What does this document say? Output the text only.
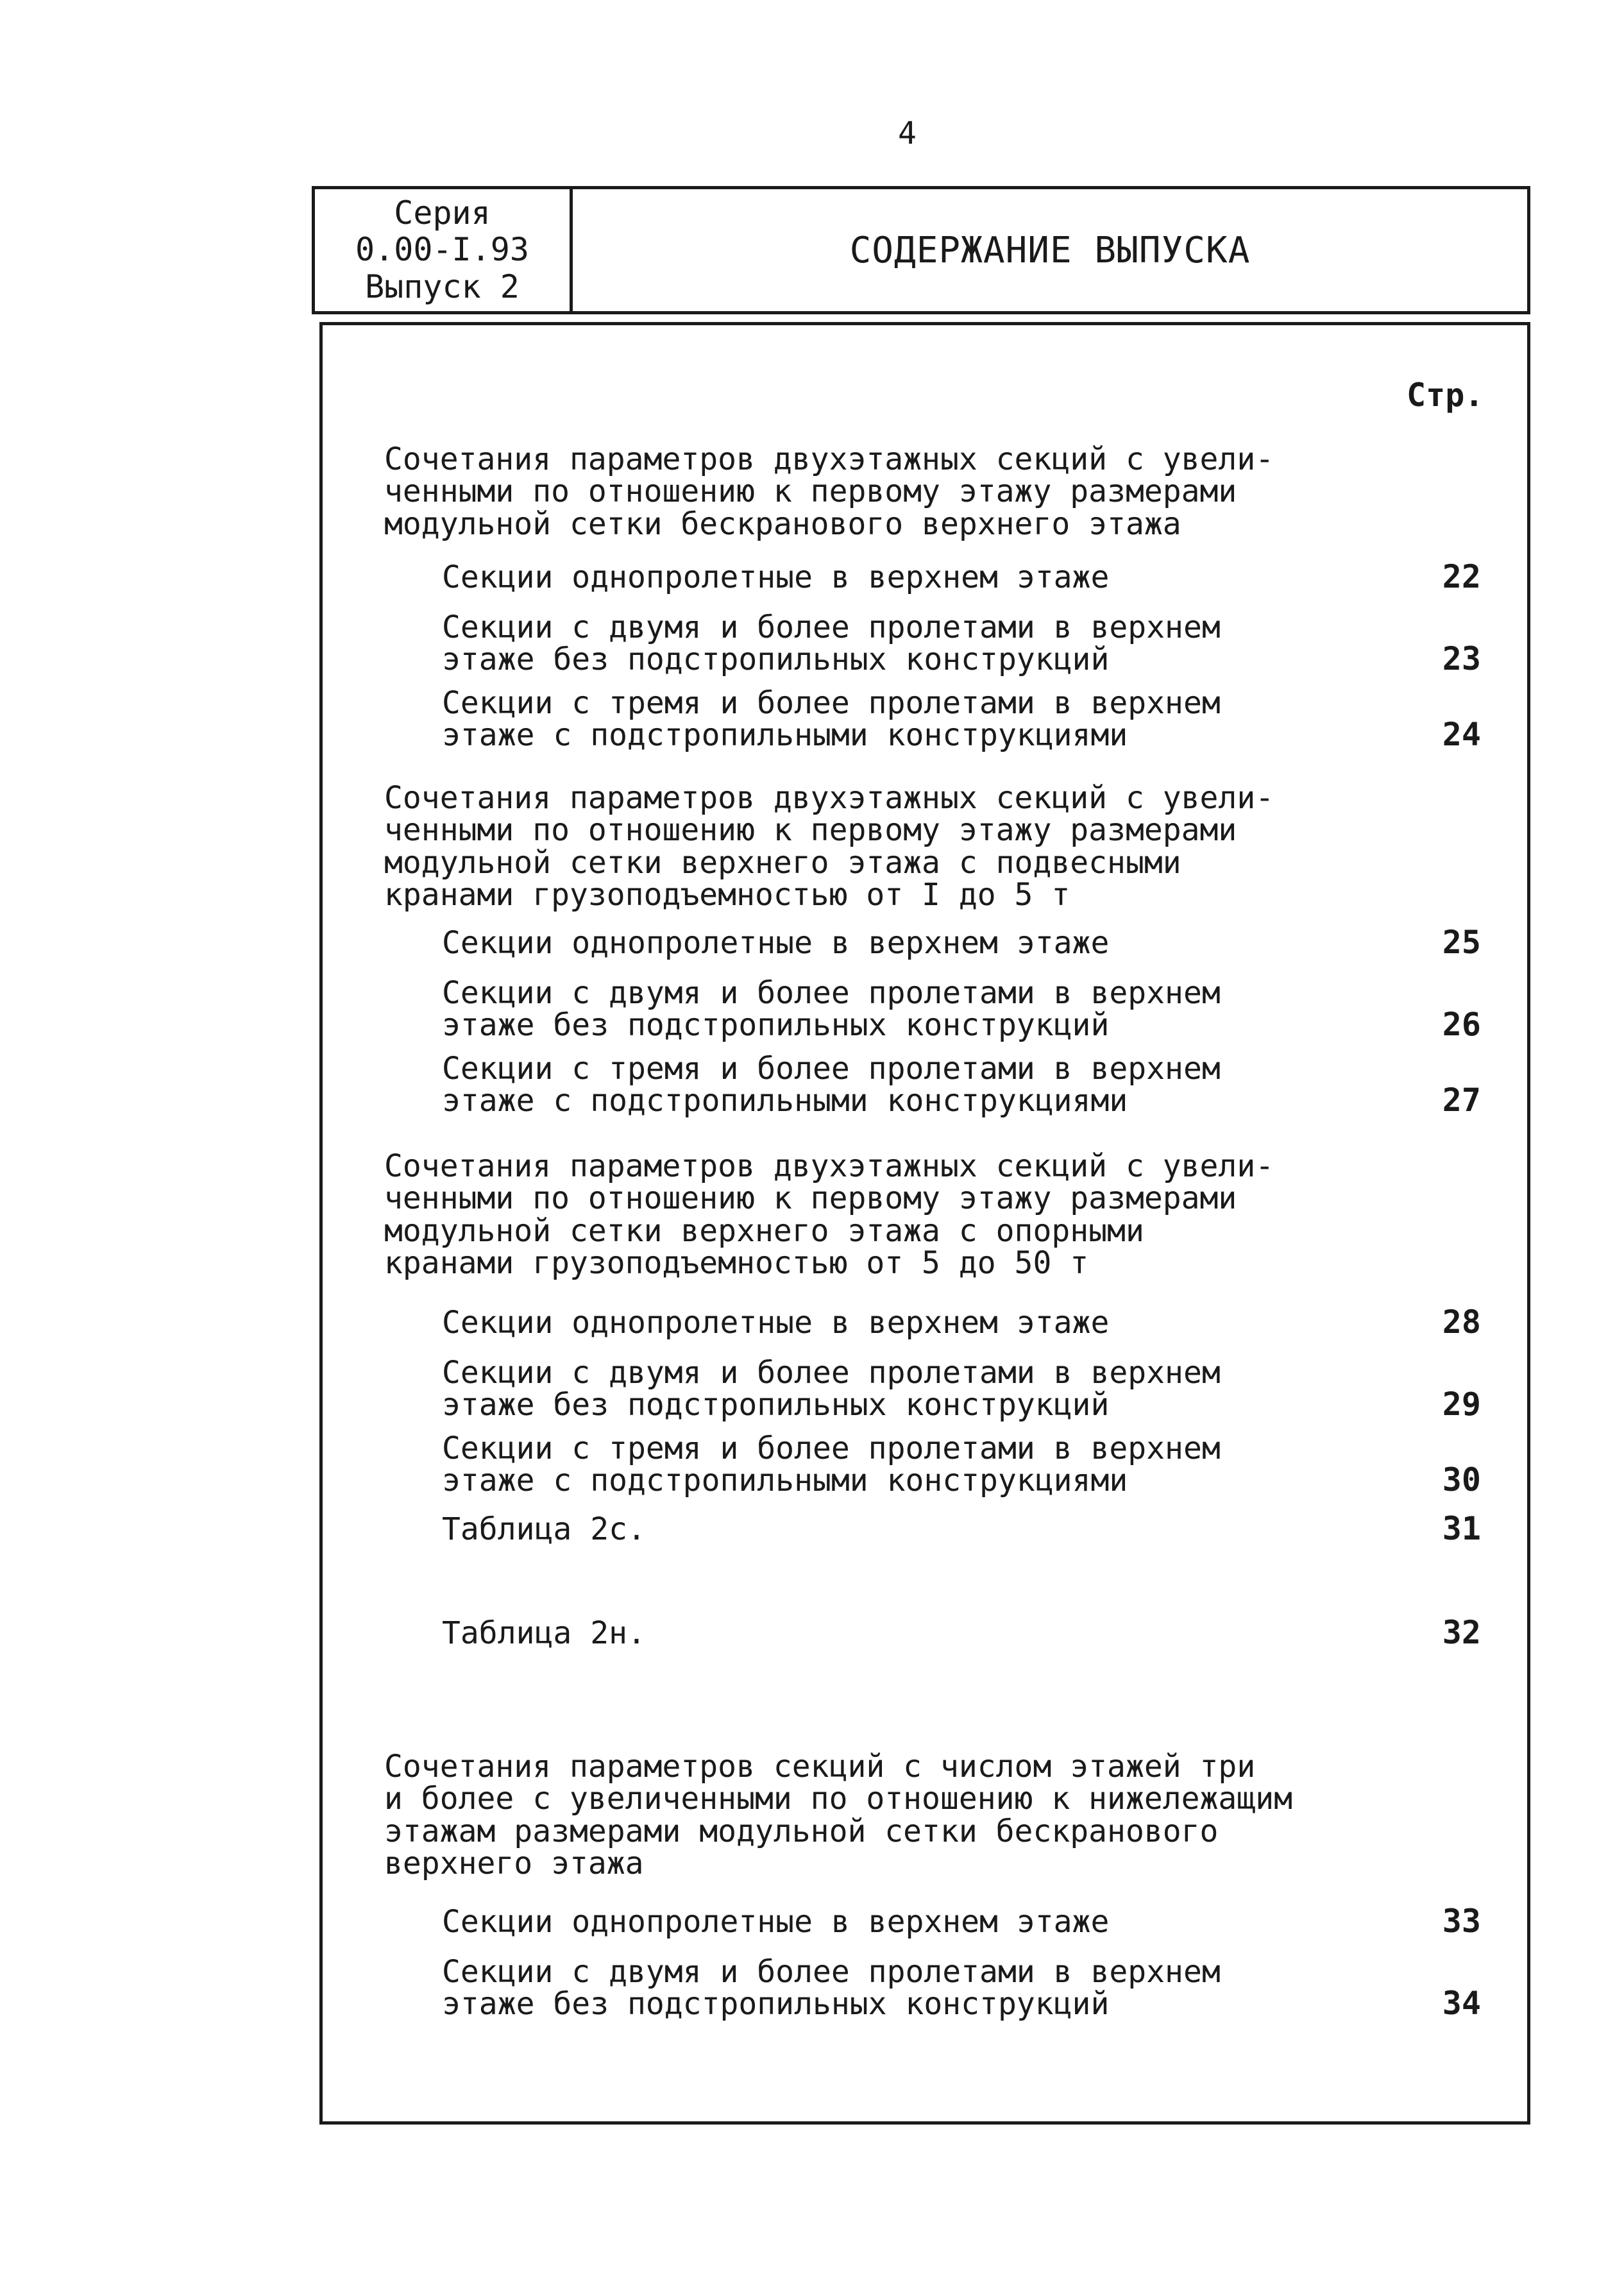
4
Серия
0.00-I.93
Выпуск 2
СОДЕРЖАНИЕ ВЫПУСКА
Стр.
Сочетания параметров двухэтажных секций с увели-
ченными по отношению к первому этажу размерами
модульной сетки бескранового верхнего этажа
Секции однопролетные в верхнем этаже	22
Секции с двумя и более пролетами в верхнем
этаже без подстропильных конструкций	23
Секции с тремя и более пролетами в верхнем
этаже с подстропильными конструкциями	24
Сочетания параметров двухэтажных секций с увели-
ченными по отношению к первому этажу размерами
модульной сетки верхнего этажа с подвесными
кранами грузоподъемностью от I до 5 т
Секции однопролетные в верхнем этаже	25
Секции с двумя и более пролетами в верхнем
этаже без подстропильных конструкций	26
Секции с тремя и более пролетами в верхнем
этаже с подстропильными конструкциями	27
Сочетания параметров двухэтажных секций с увели-
ченными по отношению к первому этажу размерами
модульной сетки верхнего этажа с опорными
кранами грузоподъемностью от 5 до 50 т
Секции однопролетные в верхнем этаже	28
Секции с двумя и более пролетами в верхнем
этаже без подстропильных конструкций	29
Секции с тремя и более пролетами в верхнем
этаже с подстропильными конструкциями	30
Таблица 2с.	31
Таблица 2н.	32
Сочетания параметров секций с числом этажей три
и более с увеличенными по отношению к нижележащим
этажам размерами модульной сетки бескранового
верхнего этажа
Секции однопролетные в верхнем этаже	33
Секции с двумя и более пролетами в верхнем
этаже без подстропильных конструкций	34
